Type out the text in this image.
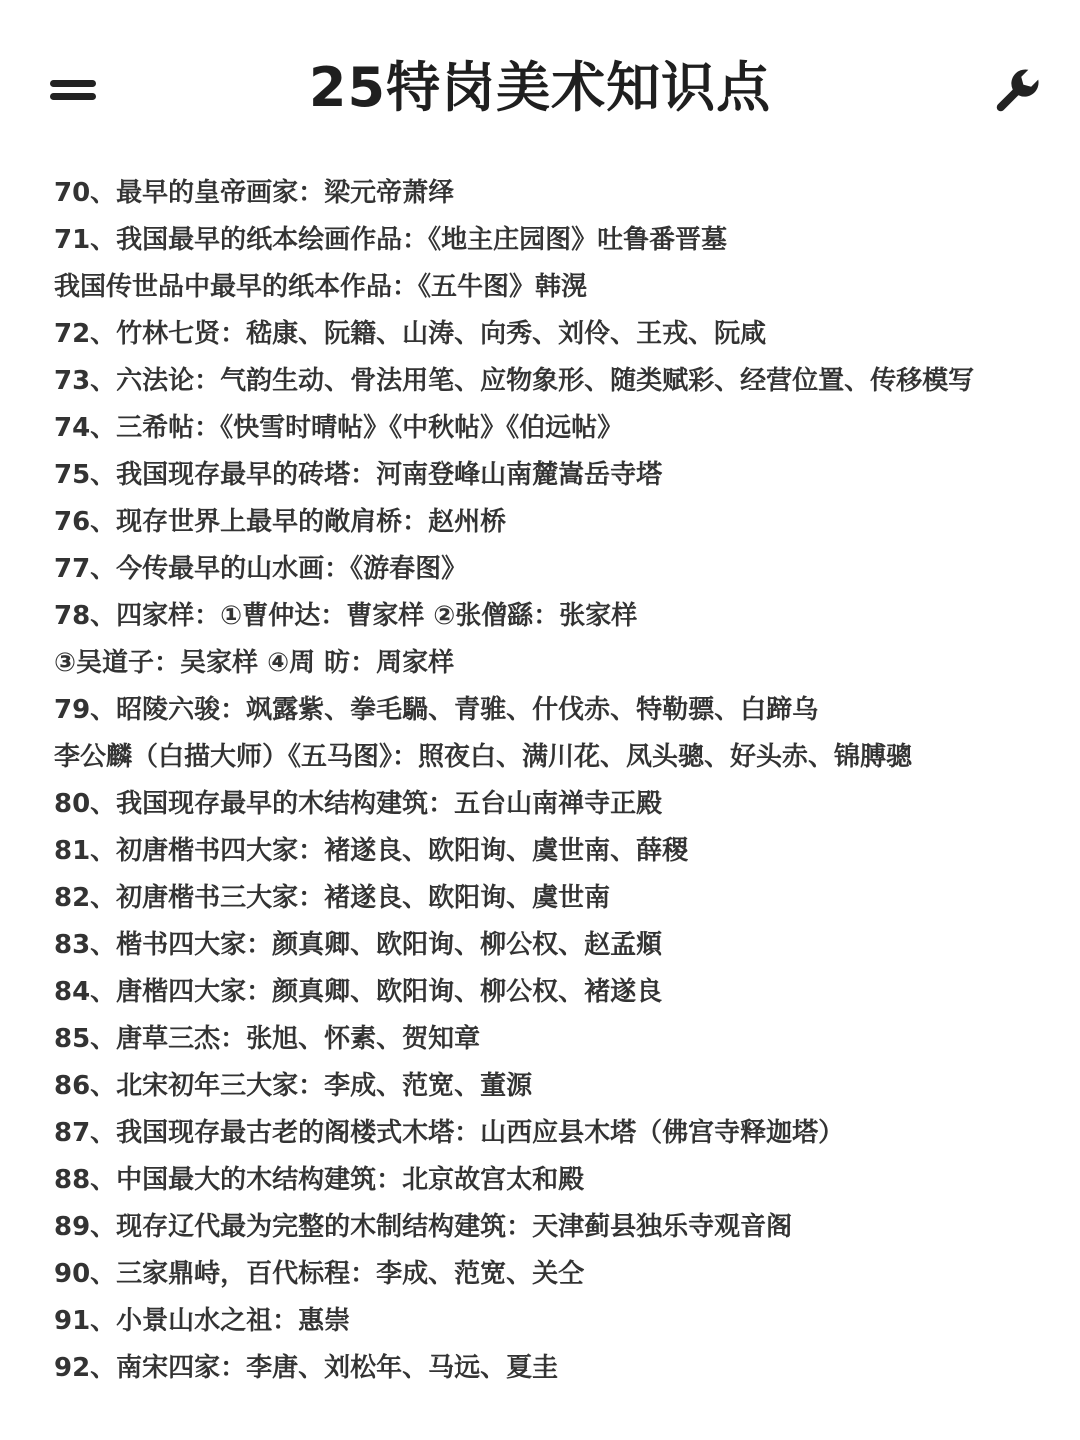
25特岗美术知识点
70、最早的皇帝画家：梁元帝萧绎
71、我国最早的纸本绘画作品：《地主庄园图》吐鲁番晋墓
我国传世品中最早的纸本作品：《五牛图》韩滉
72、竹林七贤：嵇康、阮籍、山涛、向秀、刘伶、王戎、阮咸
73、六法论：气韵生动、骨法用笔、应物象形、随类赋彩、经营位置、传移模写
74、三希帖：《快雪时晴帖》《中秋帖》《伯远帖》
75、我国现存最早的砖塔：河南登峰山南麓嵩岳寺塔
76、现存世界上最早的敞肩桥：赵州桥
77、今传最早的山水画：《游春图》
78、四家样：①曹仲达：曹家样 ②张僧繇：张家样
③吴道子：吴家样 ④周 昉：周家样
79、昭陵六骏：飒露紫、拳毛騧、青骓、什伐赤、特勒骠、白蹄乌
李公麟（白描大师）《五马图》：照夜白、满川花、凤头骢、好头赤、锦膊骢
80、我国现存最早的木结构建筑：五台山南禅寺正殿
81、初唐楷书四大家：褚遂良、欧阳询、虞世南、薛稷
82、初唐楷书三大家：褚遂良、欧阳询、虞世南
83、楷书四大家：颜真卿、欧阳询、柳公权、赵孟頫
84、唐楷四大家：颜真卿、欧阳询、柳公权、褚遂良
85、唐草三杰：张旭、怀素、贺知章
86、北宋初年三大家：李成、范宽、董源
87、我国现存最古老的阁楼式木塔：山西应县木塔（佛宫寺释迦塔）
88、中国最大的木结构建筑：北京故宫太和殿
89、现存辽代最为完整的木制结构建筑：天津蓟县独乐寺观音阁
90、三家鼎峙，百代标程：李成、范宽、关仝
91、小景山水之祖：惠崇
92、南宋四家：李唐、刘松年、马远、夏圭
